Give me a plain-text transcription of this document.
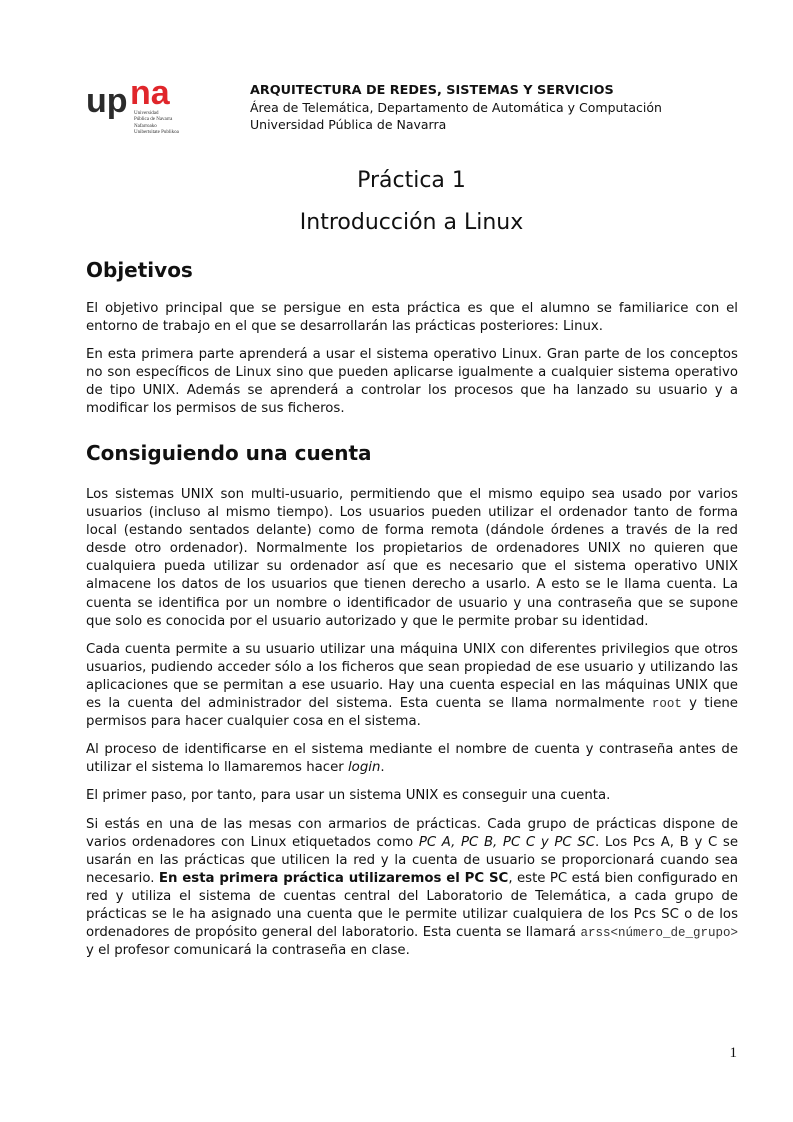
up na
Universidad
Pública de Navarra
Nafarroako
Unibertsitate Publikoa
ARQUITECTURA DE REDES, SISTEMAS Y SERVICIOS
Área de Telemática, Departamento de Automática y Computación
Universidad Pública de Navarra
Práctica 1
Introducción a Linux
Objetivos

El objetivo principal que se persigue en esta práctica es que el alumno se familiarice con el entorno de trabajo en el que se desarrollarán las prácticas posteriores: Linux.

En esta primera parte aprenderá a usar el sistema operativo Linux. Gran parte de los conceptos no son específicos de Linux sino que pueden aplicarse igualmente a cualquier sistema operativo de tipo UNIX. Además se aprenderá a controlar los procesos que ha lanzado su usuario y a modificar los permisos de sus ficheros.

Consiguiendo una cuenta

Los sistemas UNIX son multi-usuario, permitiendo que el mismo equipo sea usado por varios usuarios (incluso al mismo tiempo). Los usuarios pueden utilizar el ordenador tanto de forma local (estando sentados delante) como de forma remota (dándole órdenes a través de la red desde otro ordenador). Normalmente los propietarios de ordenadores UNIX no quieren que cualquiera pueda utilizar su ordenador así que es necesario que el sistema operativo UNIX almacene los datos de los usuarios que tienen derecho a usarlo. A esto se le llama cuenta. La cuenta se identifica por un nombre o identificador de usuario y una contraseña que se supone que solo es conocida por el usuario autorizado y que le permite probar su identidad.

Cada cuenta permite a su usuario utilizar una máquina UNIX con diferentes privilegios que otros usuarios, pudiendo acceder sólo a los ficheros que sean propiedad de ese usuario y utilizando las aplicaciones que se permitan a ese usuario. Hay una cuenta especial en las máquinas UNIX que es la cuenta del administrador del sistema. Esta cuenta se llama normalmente root y tiene permisos para hacer cualquier cosa en el sistema.

Al proceso de identificarse en el sistema mediante el nombre de cuenta y contraseña antes de utilizar el sistema lo llamaremos hacer login.

El primer paso, por tanto, para usar un sistema UNIX es conseguir una cuenta.

Si estás en una de las mesas con armarios de prácticas. Cada grupo de prácticas dispone de varios ordenadores con Linux etiquetados como PC A, PC B, PC C y PC SC. Los Pcs A, B y C se usarán en las prácticas que utilicen la red y la cuenta de usuario se proporcionará cuando sea necesario. En esta primera práctica utilizaremos el PC SC, este PC está bien configurado en red y utiliza el sistema de cuentas central del Laboratorio de Telemática, a cada grupo de prácticas se le ha asignado una cuenta que le permite utilizar cualquiera de los Pcs SC o de los ordenadores de propósito general del laboratorio. Esta cuenta se llamará arss<número_de_grupo> y el profesor comunicará la contraseña en clase.

1
